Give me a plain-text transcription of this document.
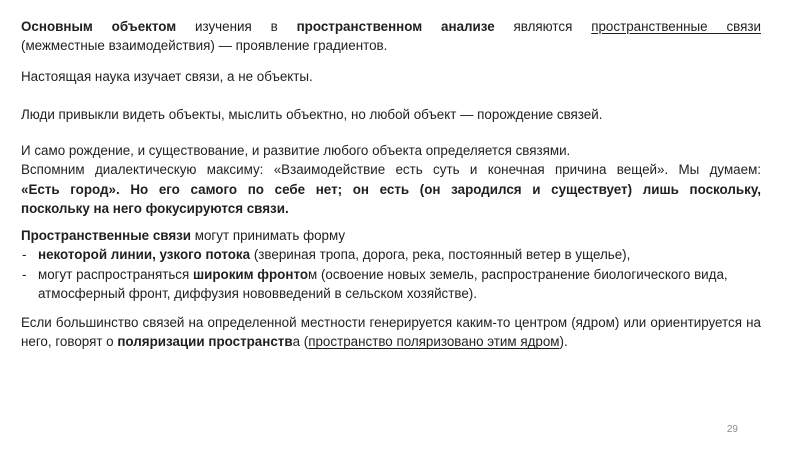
Основным объектом изучения в пространственном анализе являются пространственные связи
(межместные взаимодействия) — проявление градиентов.

Настоящая наука изучает связи, а не объекты.

Люди привыкли видеть объекты, мыслить объектно, но любой объект — порождение связей.

И само рождение, и существование, и развитие любого объекта определяется связями.
Вспомним диалектическую максиму: «Взаимодействие есть суть и конечная причина вещей». Мы думаем:
«Есть город». Но его самого по себе нет; он есть (он зародился и существует) лишь поскольку,
поскольку на него фокусируются связи.

Пространственные связи могут принимать форму
- некоторой линии, узкого потока (звериная тропа, дорога, река, постоянный ветер в ущелье),
- могут распространяться широким фронтом (освоение новых земель, распространение биологического вида, атмосферный фронт, диффузия нововведений в сельском хозяйстве).

Если большинство связей на определенной местности генерируется каким-то центром (ядром) или ориентируется на него, говорят о поляризации пространства (пространство поляризовано этим ядром).

29
